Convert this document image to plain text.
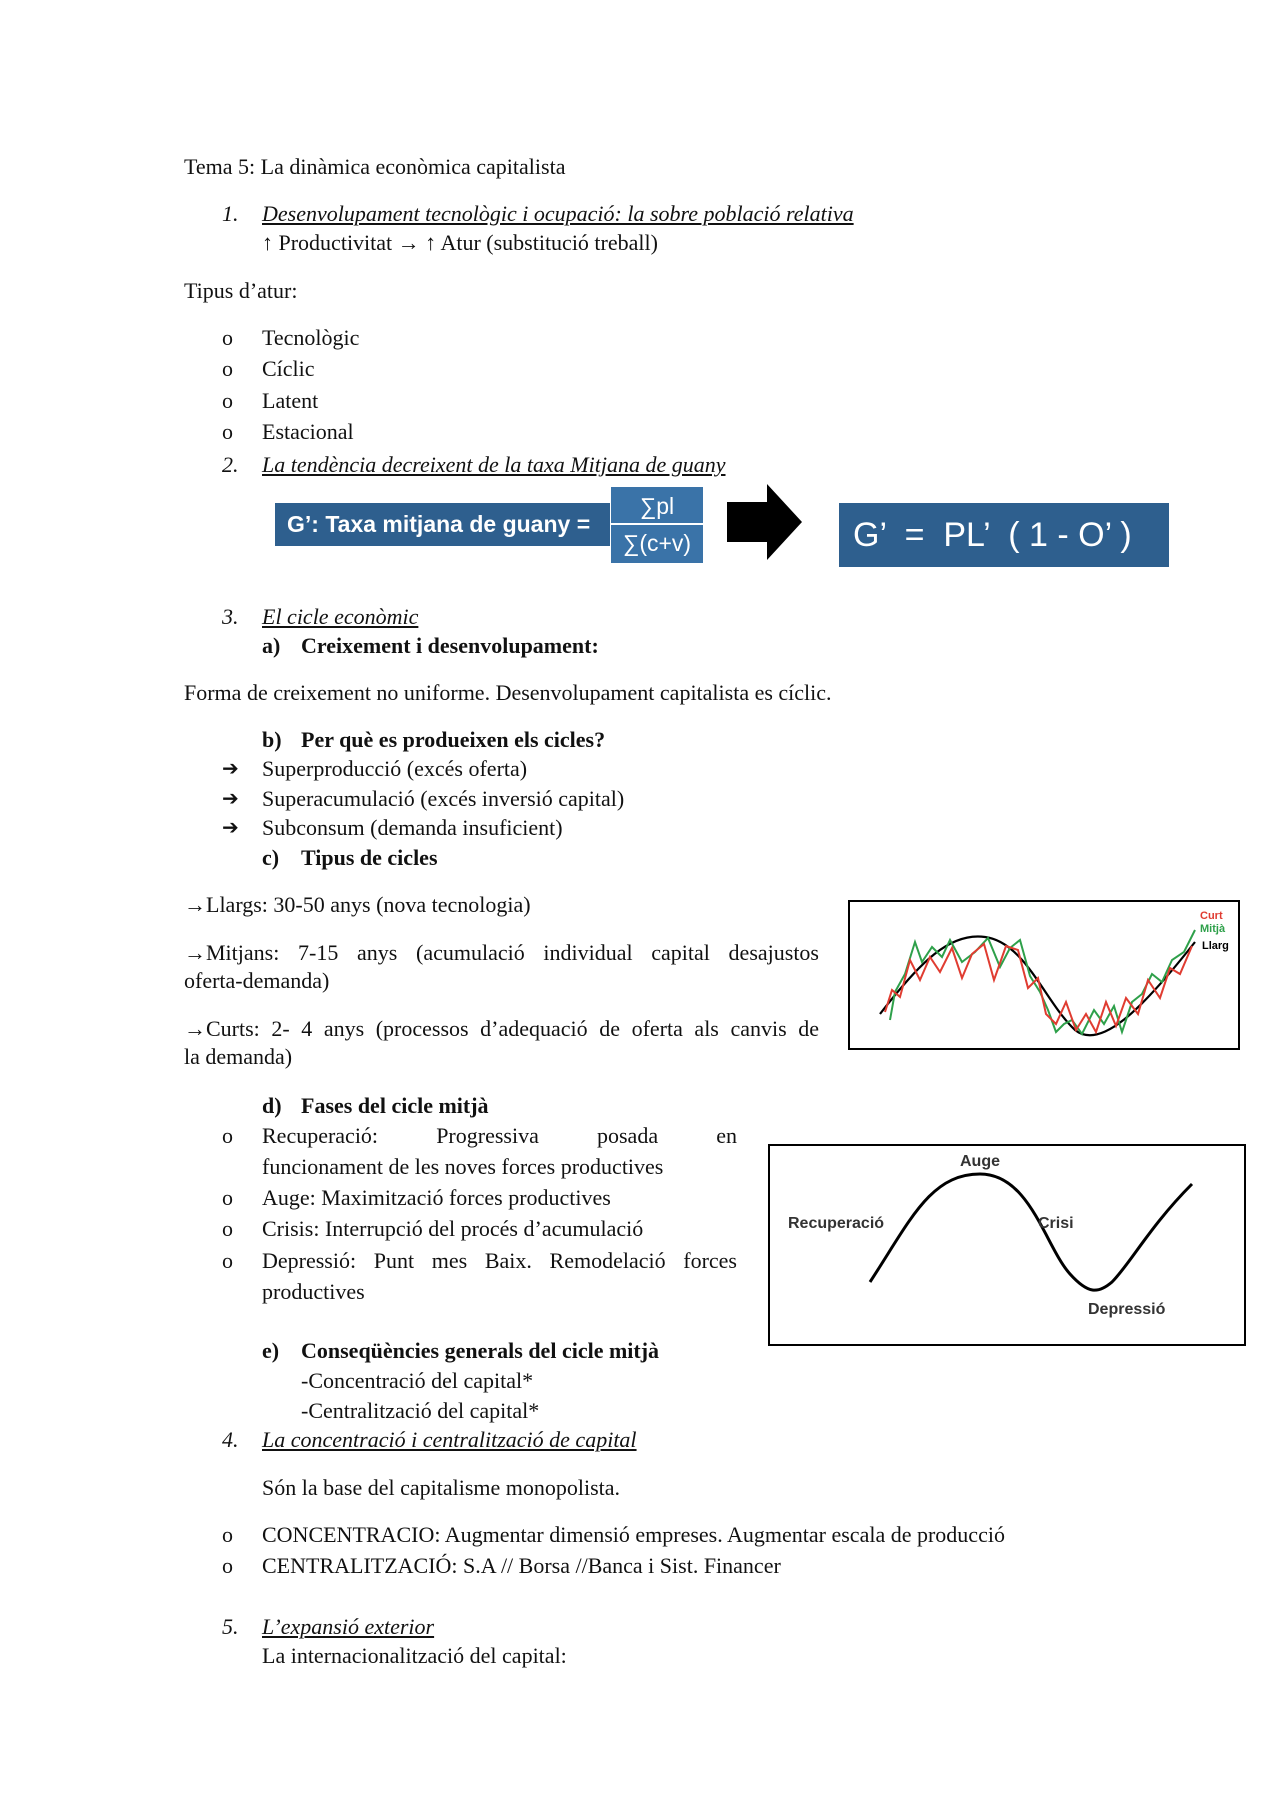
Tema 5: La dinàmica econòmica capitalista
1. Desenvolupament tecnològic i ocupació: la sobre població relativa
↑ Productivitat → ↑ Atur (substitució treball)
Tipus d’atur:
o Tecnològic
o Cíclic
o Latent
o Estacional
2. La tendència decreixent de la taxa Mitjana de guany
G’: Taxa mitjana de guany = $\frac{\sum pl}{\sum(c+v)}$	G’  =  PL’  ( 1 - O’ )
3. El cicle econòmic
a) Creixement i desenvolupament:
Forma de creixement no uniforme. Desenvolupament capitalista es cíclic.
b) Per què es produeixen els cicles?
➔ Superproducció (excés oferta)
➔ Superacumulació (excés inversió capital)
➔ Subconsum (demanda insuficient)
c) Tipus de cicles
→Llargs: 30-50 anys (nova tecnologia)
→Mitjans: 7-15 anys (acumulació individual capital desajustos
oferta-demanda)
→Curts: 2- 4 anys (processos d’adequació de oferta als canvis de
la demanda)
Curt
Mitjà
Llarg
d) Fases del cicle mitjà
o Recuperació: Progressiva posada en
funcionament de les noves forces productives
o Auge: Maximització forces productives
o Crisis: Interrupció del procés d’acumulació
o Depressió: Punt mes Baix. Remodelació forces
productives
Auge
Recuperació	Crisi
Depressió
e) Conseqüències generals del cicle mitjà
-Concentració del capital*
-Centralització del capital*
4. La concentració i centralització de capital
Són la base del capitalisme monopolista.
o CONCENTRACIO: Augmentar dimensió empreses. Augmentar escala de producció
o CENTRALITZACIÓ: S.A // Borsa //Banca i Sist. Financer
5. L’expansió exterior
La internacionalització del capital:
